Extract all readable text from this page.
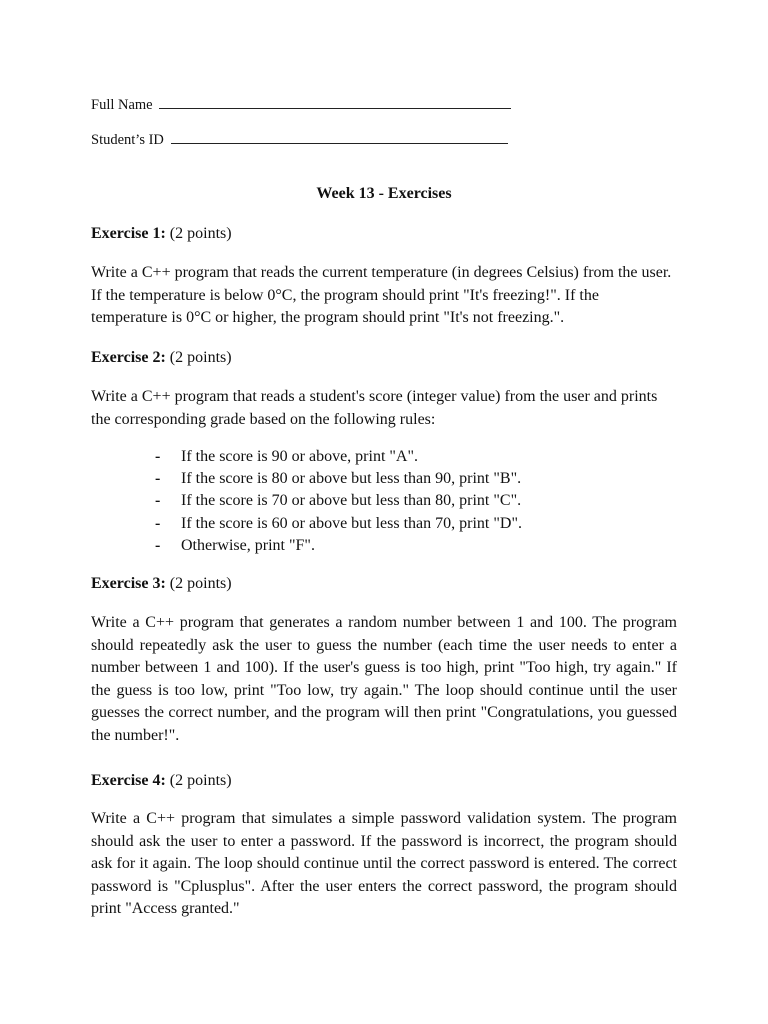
Full Name
Student’s ID
Week 13 - Exercises
Exercise 1: (2 points)
Write a C++ program that reads the current temperature (in degrees Celsius) from the user. If the temperature is below 0°C, the program should print "It's freezing!". If the temperature is 0°C or higher, the program should print "It's not freezing.".
Exercise 2: (2 points)
Write a C++ program that reads a student's score (integer value) from the user and prints the corresponding grade based on the following rules:
- If the score is 90 or above, print "A".
- If the score is 80 or above but less than 90, print "B".
- If the score is 70 or above but less than 80, print "C".
- If the score is 60 or above but less than 70, print "D".
- Otherwise, print "F".
Exercise 3: (2 points)
Write a C++ program that generates a random number between 1 and 100. The program should repeatedly ask the user to guess the number (each time the user needs to enter a number between 1 and 100). If the user's guess is too high, print "Too high, try again." If the guess is too low, print "Too low, try again." The loop should continue until the user guesses the correct number, and the program will then print "Congratulations, you guessed the number!".
Exercise 4: (2 points)
Write a C++ program that simulates a simple password validation system. The program should ask the user to enter a password. If the password is incorrect, the program should ask for it again. The loop should continue until the correct password is entered. The correct password is "Cplusplus". After the user enters the correct password, the program should print "Access granted."
